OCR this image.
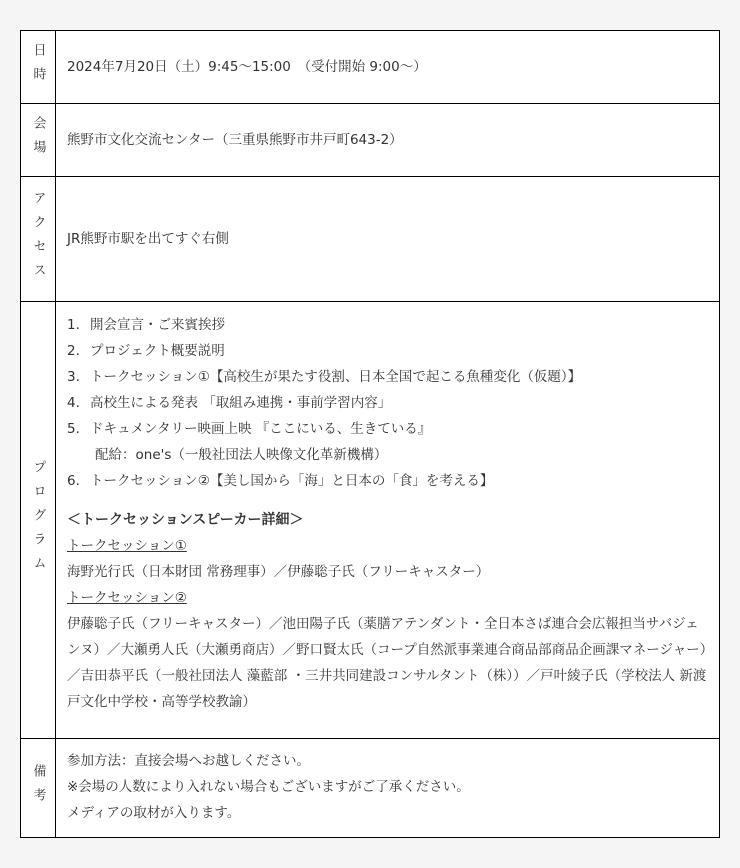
日時 2024年7月20日（土）9:45～15:00　（受付開始 9:00～）
会場 熊野市文化交流センター（三重県熊野市井戸町643-2）
アクセス JR熊野市駅を出てすぐ右側
プログラム
1. 開会宣言・ご来賓挨拶
2. プロジェクト概要説明
3. トークセッション①【高校生が果たす役割、日本全国で起こる魚種変化（仮題）】
4. 高校生による発表 「取組み連携・事前学習内容」
5. ドキュメンタリー映画上映 『ここにいる、生きている』
配給：one's（一般社団法人映像文化革新機構）
6. トークセッション②【美し国から「海」と日本の「食」を考える】
＜トークセッションスピーカー詳細＞
トークセッション①
海野光行氏（日本財団 常務理事）／伊藤聡子氏（フリーキャスター）
トークセッション②
伊藤聡子氏（フリーキャスター）／池田陽子氏（薬膳アテンダント・全日本さば連合会広報担当サバジェンヌ）／大瀬勇人氏（大瀬勇商店）／野口賢太氏（コープ自然派事業連合商品部商品企画課マネージャー）／吉田恭平氏（一般社団法人 藻藍部 ・三井共同建設コンサルタント（株））／戸叶綾子氏（学校法人 新渡戸文化中学校・高等学校教諭）
備考
参加方法：直接会場へお越しください。
※会場の人数により入れない場合もございますがご了承ください。
メディアの取材が入ります。
